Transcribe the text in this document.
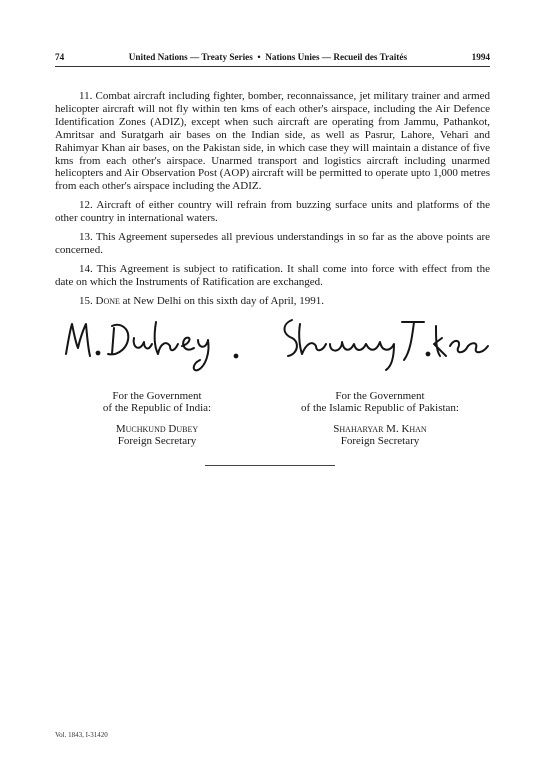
74	United Nations — Treaty Series • Nations Unies — Recueil des Traités	1994

11. Combat aircraft including fighter, bomber, reconnaissance, jet military trainer and armed helicopter aircraft will not fly within ten kms of each other's airspace, including the Air Defence Identification Zones (ADIZ), except when such aircraft are operating from Jammu, Pathankot, Amritsar and Suratgarh air bases on the Indian side, as well as Pasrur, Lahore, Vehari and Rahimyar Khan air bases, on the Pakistan side, in which case they will maintain a distance of five kms from each other's airspace. Unarmed transport and logistics aircraft including unarmed helicopters and Air Observation Post (AOP) aircraft will be permitted to operate upto 1,000 metres from each other's airspace including the ADIZ.

12. Aircraft of either country will refrain from buzzing surface units and platforms of the other country in international waters.

13. This Agreement supersedes all previous understandings in so far as the above points are concerned.

14. This Agreement is subject to ratification. It shall come into force with effect from the date on which the Instruments of Ratification are exchanged.

15. Done at New Delhi on this sixth day of April, 1991.

For the Government
of the Republic of India:
Muchkund Dubey
Foreign Secretary
For the Government
of the Islamic Republic of Pakistan:
Shaharyar M. Khan
Foreign Secretary
Vol. 1843, I-31420
